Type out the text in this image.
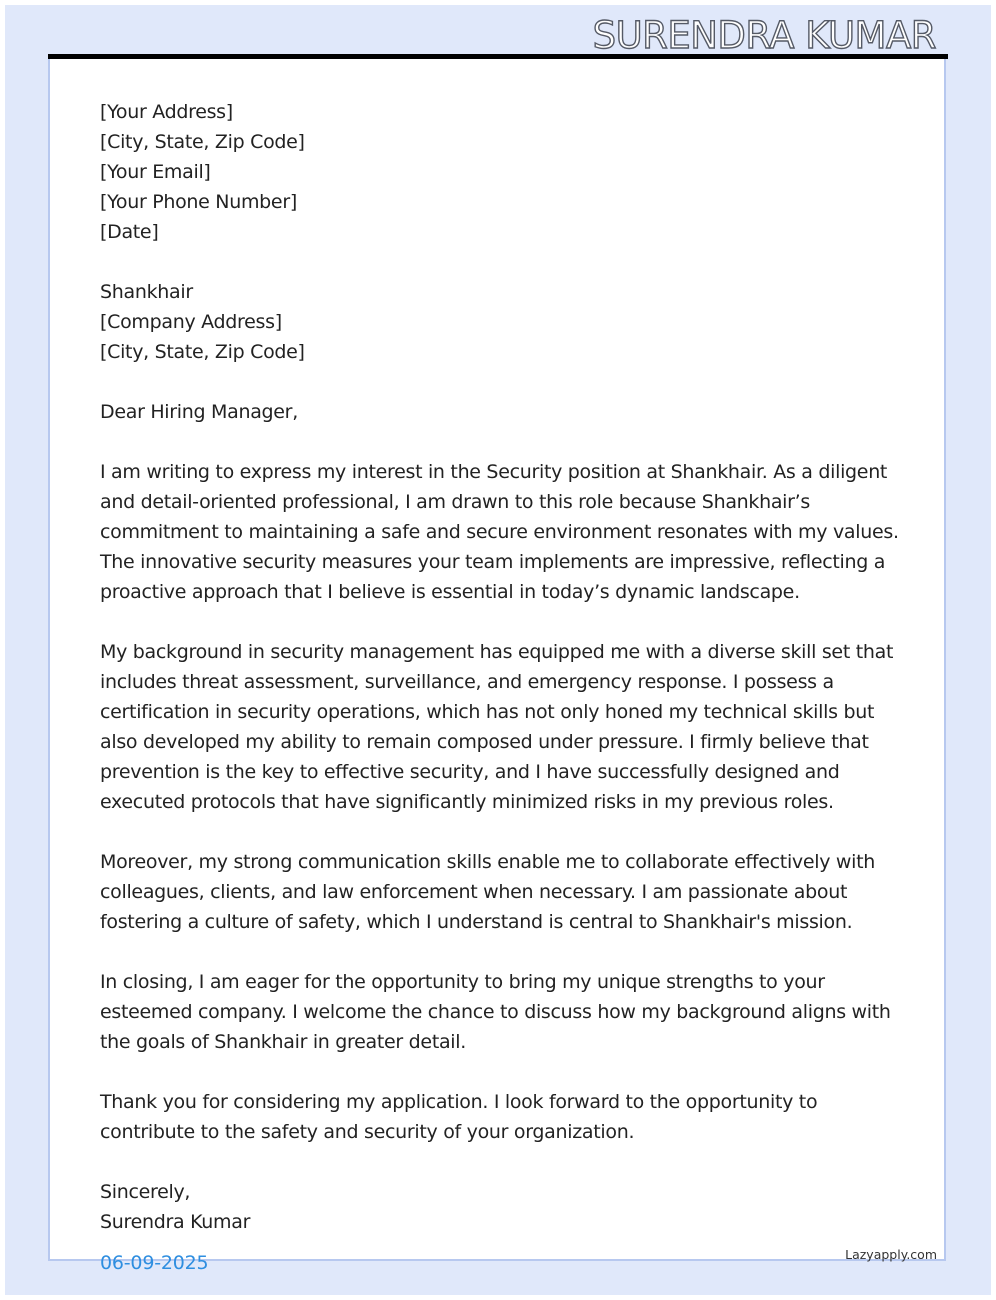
SURENDRA KUMAR
[Your Address]
[City, State, Zip Code]
[Your Email]
[Your Phone Number]
[Date]
Shankhair
[Company Address]
[City, State, Zip Code]
Dear Hiring Manager,

I am writing to express my interest in the Security position at Shankhair. As a diligent and detail-oriented professional, I am drawn to this role because Shankhair’s commitment to maintaining a safe and secure environment resonates with my values. The innovative security measures your team implements are impressive, reflecting a proactive approach that I believe is essential in today’s dynamic landscape.

My background in security management has equipped me with a diverse skill set that includes threat assessment, surveillance, and emergency response. I possess a certification in security operations, which has not only honed my technical skills but also developed my ability to remain composed under pressure. I firmly believe that prevention is the key to effective security, and I have successfully designed and executed protocols that have significantly minimized risks in my previous roles.

Moreover, my strong communication skills enable me to collaborate effectively with colleagues, clients, and law enforcement when necessary. I am passionate about fostering a culture of safety, which I understand is central to Shankhair's mission.

In closing, I am eager for the opportunity to bring my unique strengths to your esteemed company. I welcome the chance to discuss how my background aligns with the goals of Shankhair in greater detail.

Thank you for considering my application. I look forward to the opportunity to contribute to the safety and security of your organization.

Sincerely,
Surendra Kumar
06-09-2025	Lazyapply.com
